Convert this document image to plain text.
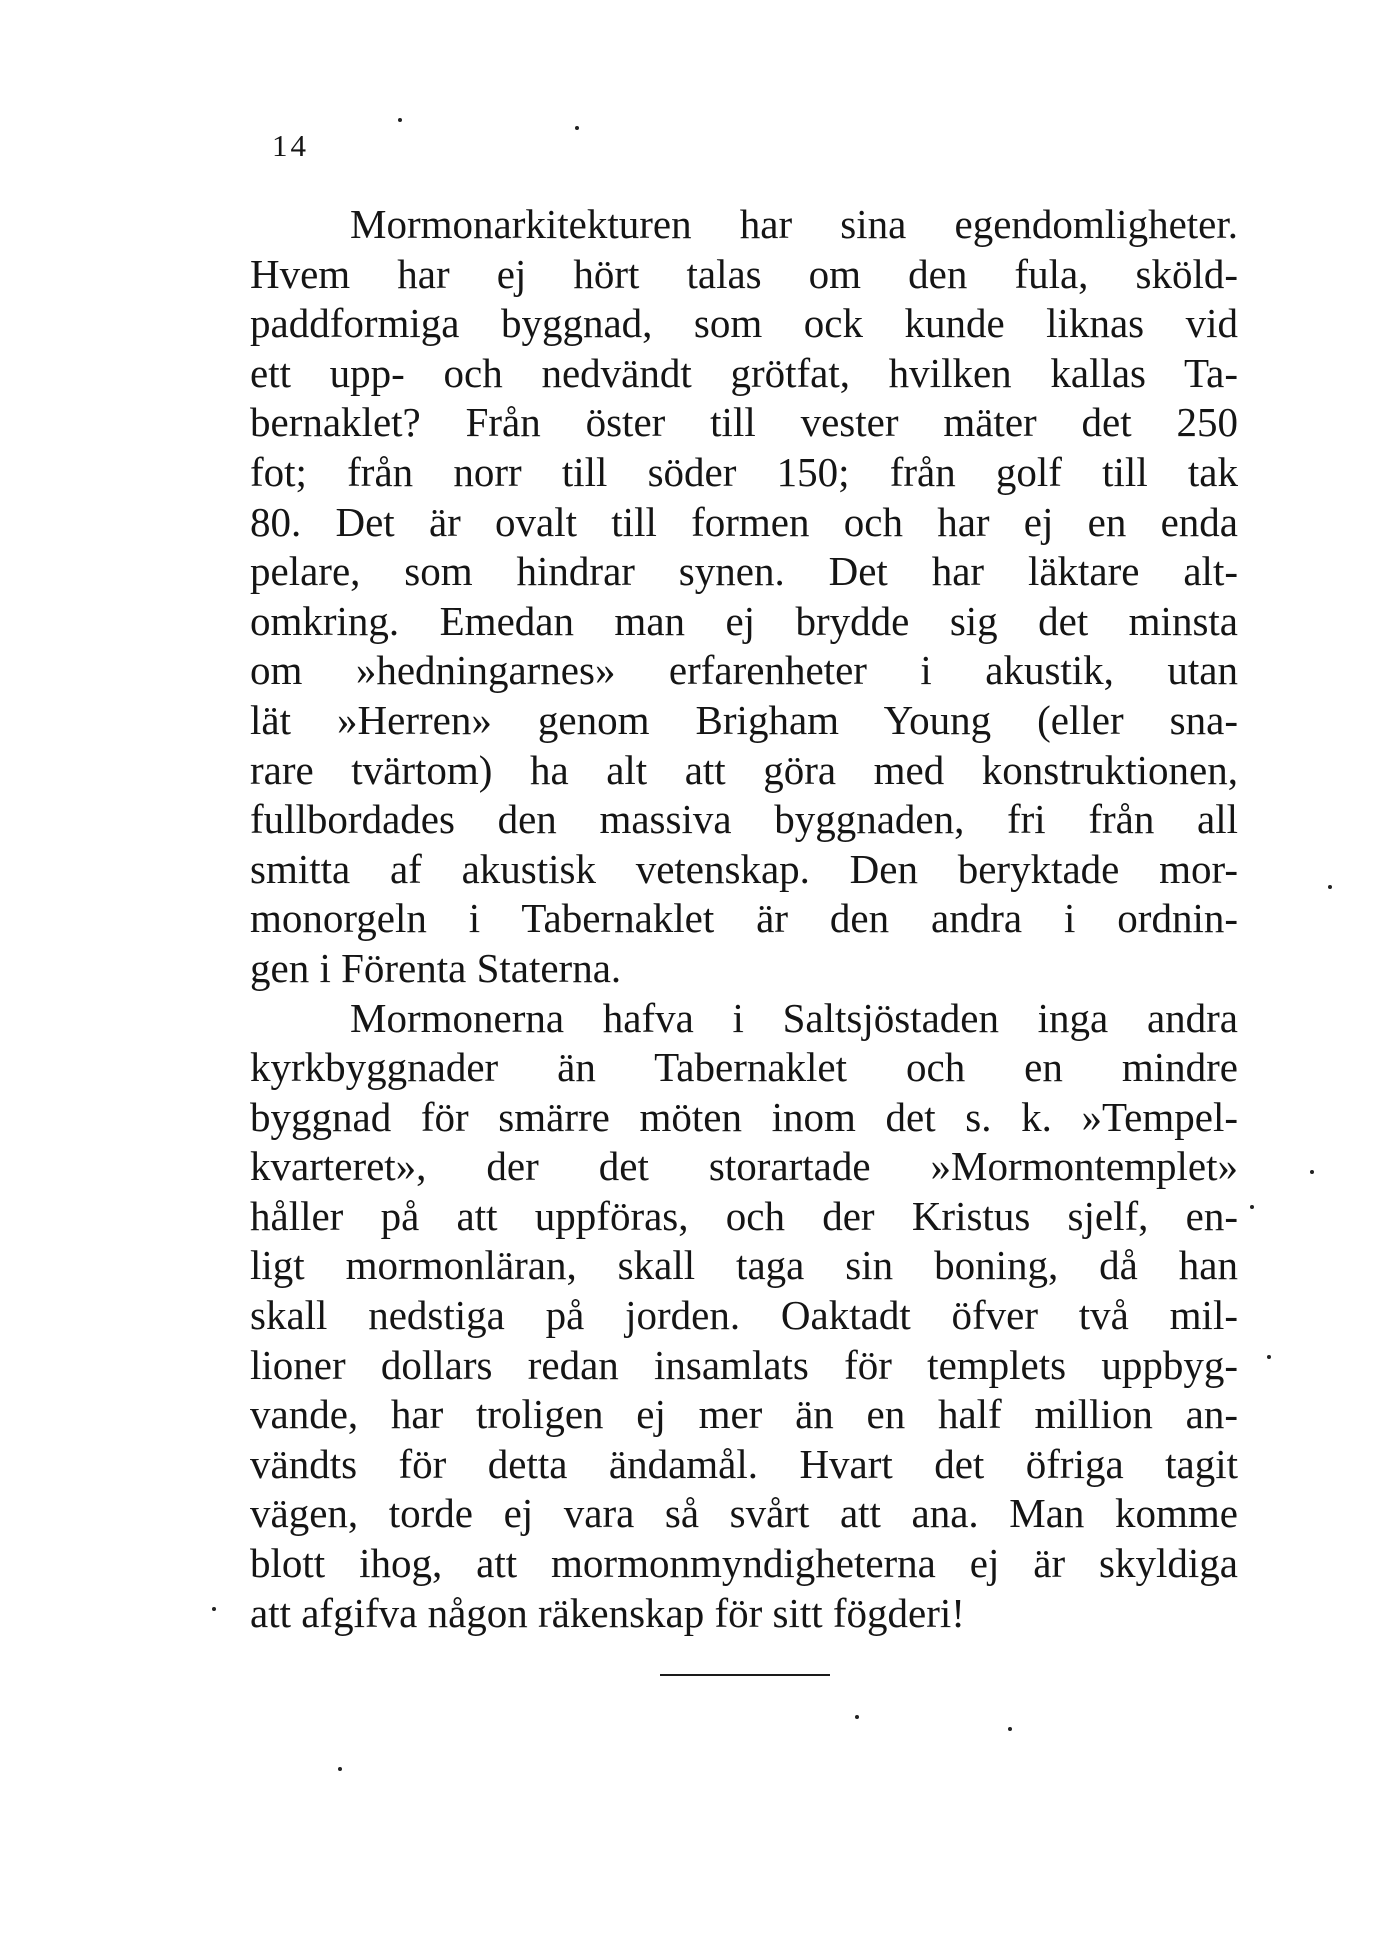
14
Mormonarkitekturen har sina egendomligheter.
Hvem har ej hört talas om den fula, sköld-
paddformiga byggnad, som ock kunde liknas vid
ett upp- och nedvändt grötfat, hvilken kallas Ta-
bernaklet? Från öster till vester mäter det 250
fot; från norr till söder 150; från golf till tak
80. Det är ovalt till formen och har ej en enda
pelare, som hindrar synen. Det har läktare alt-
omkring. Emedan man ej brydde sig det minsta
om »hedningarnes» erfarenheter i akustik, utan
lät »Herren» genom Brigham Young (eller sna-
rare tvärtom) ha alt att göra med konstruktionen,
fullbordades den massiva byggnaden, fri från all
smitta af akustisk vetenskap. Den beryktade mor-
monorgeln i Tabernaklet är den andra i ordnin-
gen i Förenta Staterna.
Mormonerna hafva i Saltsjöstaden inga andra
kyrkbyggnader än Tabernaklet och en mindre
byggnad för smärre möten inom det s. k. »Tempel-
kvarteret», der det storartade »Mormontemplet»
håller på att uppföras, och der Kristus sjelf, en-
ligt mormonläran, skall taga sin boning, då han
skall nedstiga på jorden. Oaktadt öfver två mil-
lioner dollars redan insamlats för templets uppbyg-
vande, har troligen ej mer än en half million an-
vändts för detta ändamål. Hvart det öfriga tagit
vägen, torde ej vara så svårt att ana. Man komme
blott ihog, att mormonmyndigheterna ej är skyldiga
att afgifva någon räkenskap för sitt fögderi!
